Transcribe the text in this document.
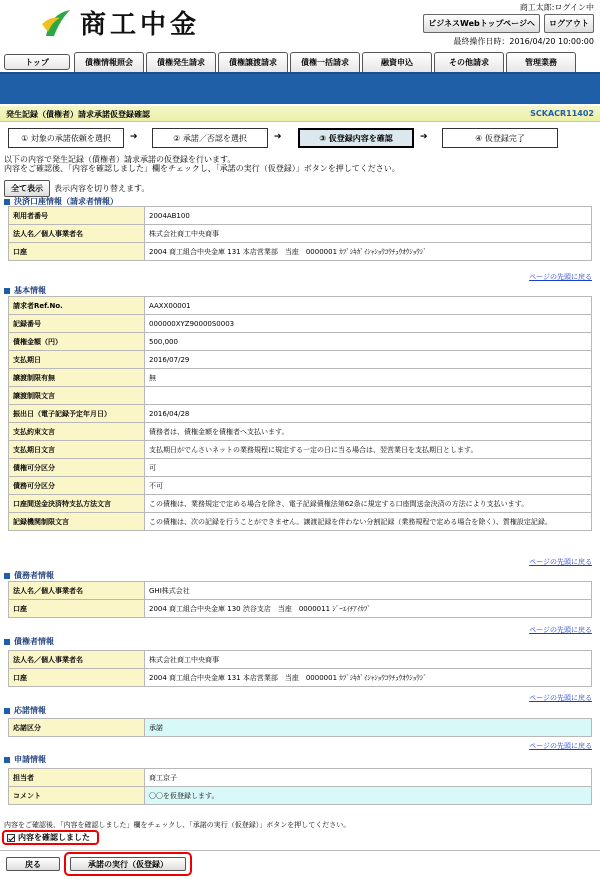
商工中金
商工太郎:ログイン中
ビジネスWebトップページへ	ログアウト
最終操作日時：2016/04/20 10:00:00
トップ	債権情報照会	債権発生請求	債権譲渡請求	債権一括請求	融資申込	その他請求	管理業務
発生記録（債権者）請求承諾仮登録確認	SCKACR11402
① 対象の承諾依頼を選択	➔	② 承諾／否認を選択	➔	③ 仮登録内容を確認	➔	④ 仮登録完了
以下の内容で発生記録（債権者）請求承諾の仮登録を行います。
内容をご確認後、「内容を確認しました」欄をチェックし、「承諾の実行（仮登録）」ボタンを押してください。
全て表示	表示内容を切り替えます。
決済口座情報（請求者情報）
利用者番号	2004AB100
法人名／個人事業者名	株式会社商工中央商事
口座	2004 商工組合中央金庫 131 本店営業部　当座　0000001 ｶﾌﾞｼｷｶﾞｲｼｬｼｮｳｺｳﾁｭｳｵｳｼｮｳｼﾞ
ページの先頭に戻る
基本情報
請求者Ref.No.	AAXX00001
記録番号	000000XYZ90000S0003
債権金額（円）	500,000
支払期日	2016/07/29
譲渡制限有無	無
譲渡制限文言	
振出日（電子記録予定年月日）	2016/04/28
支払約束文言	債務者は、債権金額を債権者へ支払います。
支払期日文言	支払期日がでんさいネットの業務規程に規定する一定の日に当る場合は、翌営業日を支払期日とします。
債権可分区分	可
債務可分区分	不可
口座間送金決済特支払方法文言	この債権は、業務規定で定める場合を除き、電子記録債権法第62条に規定する口座間送金決済の方法により支払います。
記録機関制限文言	この債権は、次の記録を行うことができません。譲渡記録を伴わない分割記録（業務規程で定める場合を除く）、質権設定記録。
ページの先頭に戻る
債務者情報
法人名／個人事業者名	GHI株式会社
口座	2004 商工組合中央金庫 130 渋谷支店　当座　0000011 ｼﾞｰｴｲﾁｱｲｶﾌﾞ
ページの先頭に戻る
債権者情報
法人名／個人事業者名	株式会社商工中央商事
口座	2004 商工組合中央金庫 131 本店営業部　当座　0000001 ｶﾌﾞｼｷｶﾞｲｼｬｼｮｳｺｳﾁｭｳｵｳｼｮｳｼﾞ
ページの先頭に戻る
応諾情報
応諾区分	承諾
ページの先頭に戻る
申請情報
担当者	商工京子
コメント	〇〇を仮登録します。
内容をご確認後、「内容を確認しました」欄をチェックし、「承諾の実行（仮登録）」ボタンを押してください。
内容を確認しました
戻る	承諾の実行（仮登録）
